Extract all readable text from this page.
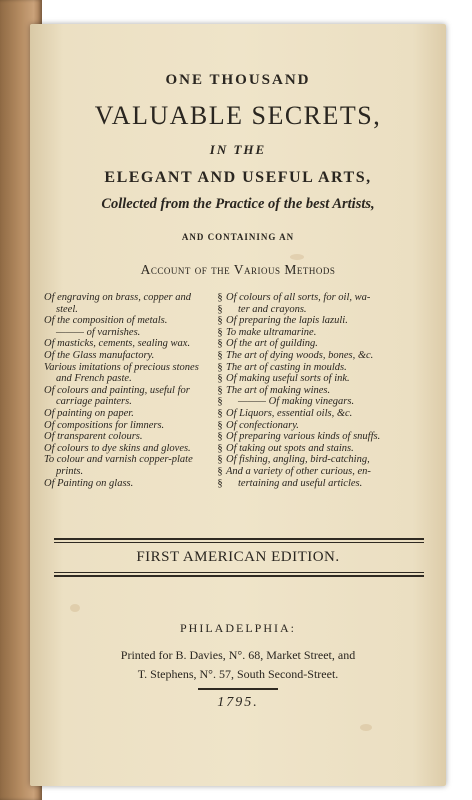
ONE THOUSAND
VALUABLE SECRETS,
IN THE
ELEGANT AND USEFUL ARTS,
Collected from the Practice of the best Artists,
AND CONTAINING AN
Account of the Various Methods
Of engraving on brass, copper and
steel.
Of the composition of metals.
——— of varnishes.
Of masticks, cements, sealing wax.
Of the Glass manufactory.
Various imitations of precious stones
and French paste.
Of colours and painting, useful for
carriage painters.
Of painting on paper.
Of compositions for limners.
Of transparent colours.
Of colours to dye skins and gloves.
To colour and varnish copper-plate
prints.
Of Painting on glass.
§
§
§
§
§
§
§
§
§
§
§
§
§
§
§
§
§
Of colours of all sorts, for oil, wa-
ter and crayons.
Of preparing the lapis lazuli.
To make ultramarine.
Of the art of guilding.
The art of dying woods, bones, &c.
The art of casting in moulds.
Of making useful sorts of ink.
The art of making wines.
——— Of making vinegars.
Of Liquors, essential oils, &c.
Of confectionary.
Of preparing various kinds of snuffs.
Of taking out spots and stains.
Of fishing, angling, bird-catching,
And a variety of other curious, en-
tertaining and useful articles.
FIRST AMERICAN EDITION.
PHILADELPHIA:
Printed for B. Davies, N°. 68, Market Street, and
T. Stephens, N°. 57, South Second-Street.
1795.
